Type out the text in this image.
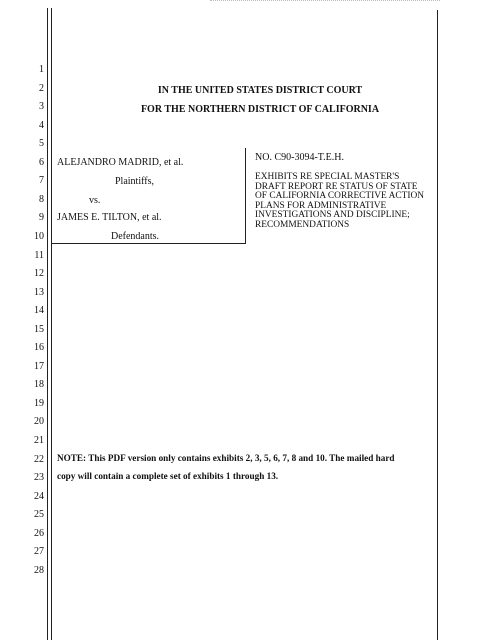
1
2
3
4
5
6
7
8
9
10
11
12
13
14
15
16
17
18
19
20
21
22
23
24
25
26
27
28
IN THE UNITED STATES DISTRICT COURT
FOR THE NORTHERN DISTRICT OF CALIFORNIA
ALEJANDRO MADRID, et al.
Plaintiffs,
vs.
JAMES E. TILTON, et al.
Defendants.
NO. C90-3094-T.E.H.
EXHIBITS RE SPECIAL MASTER'S DRAFT REPORT RE STATUS OF STATE OF CALIFORNIA CORRECTIVE ACTION PLANS FOR ADMINISTRATIVE INVESTIGATIONS AND DISCIPLINE; RECOMMENDATIONS
NOTE: This PDF version only contains exhibits 2, 3, 5, 6, 7, 8 and 10. The mailed hard
copy will contain a complete set of exhibits 1 through 13.
